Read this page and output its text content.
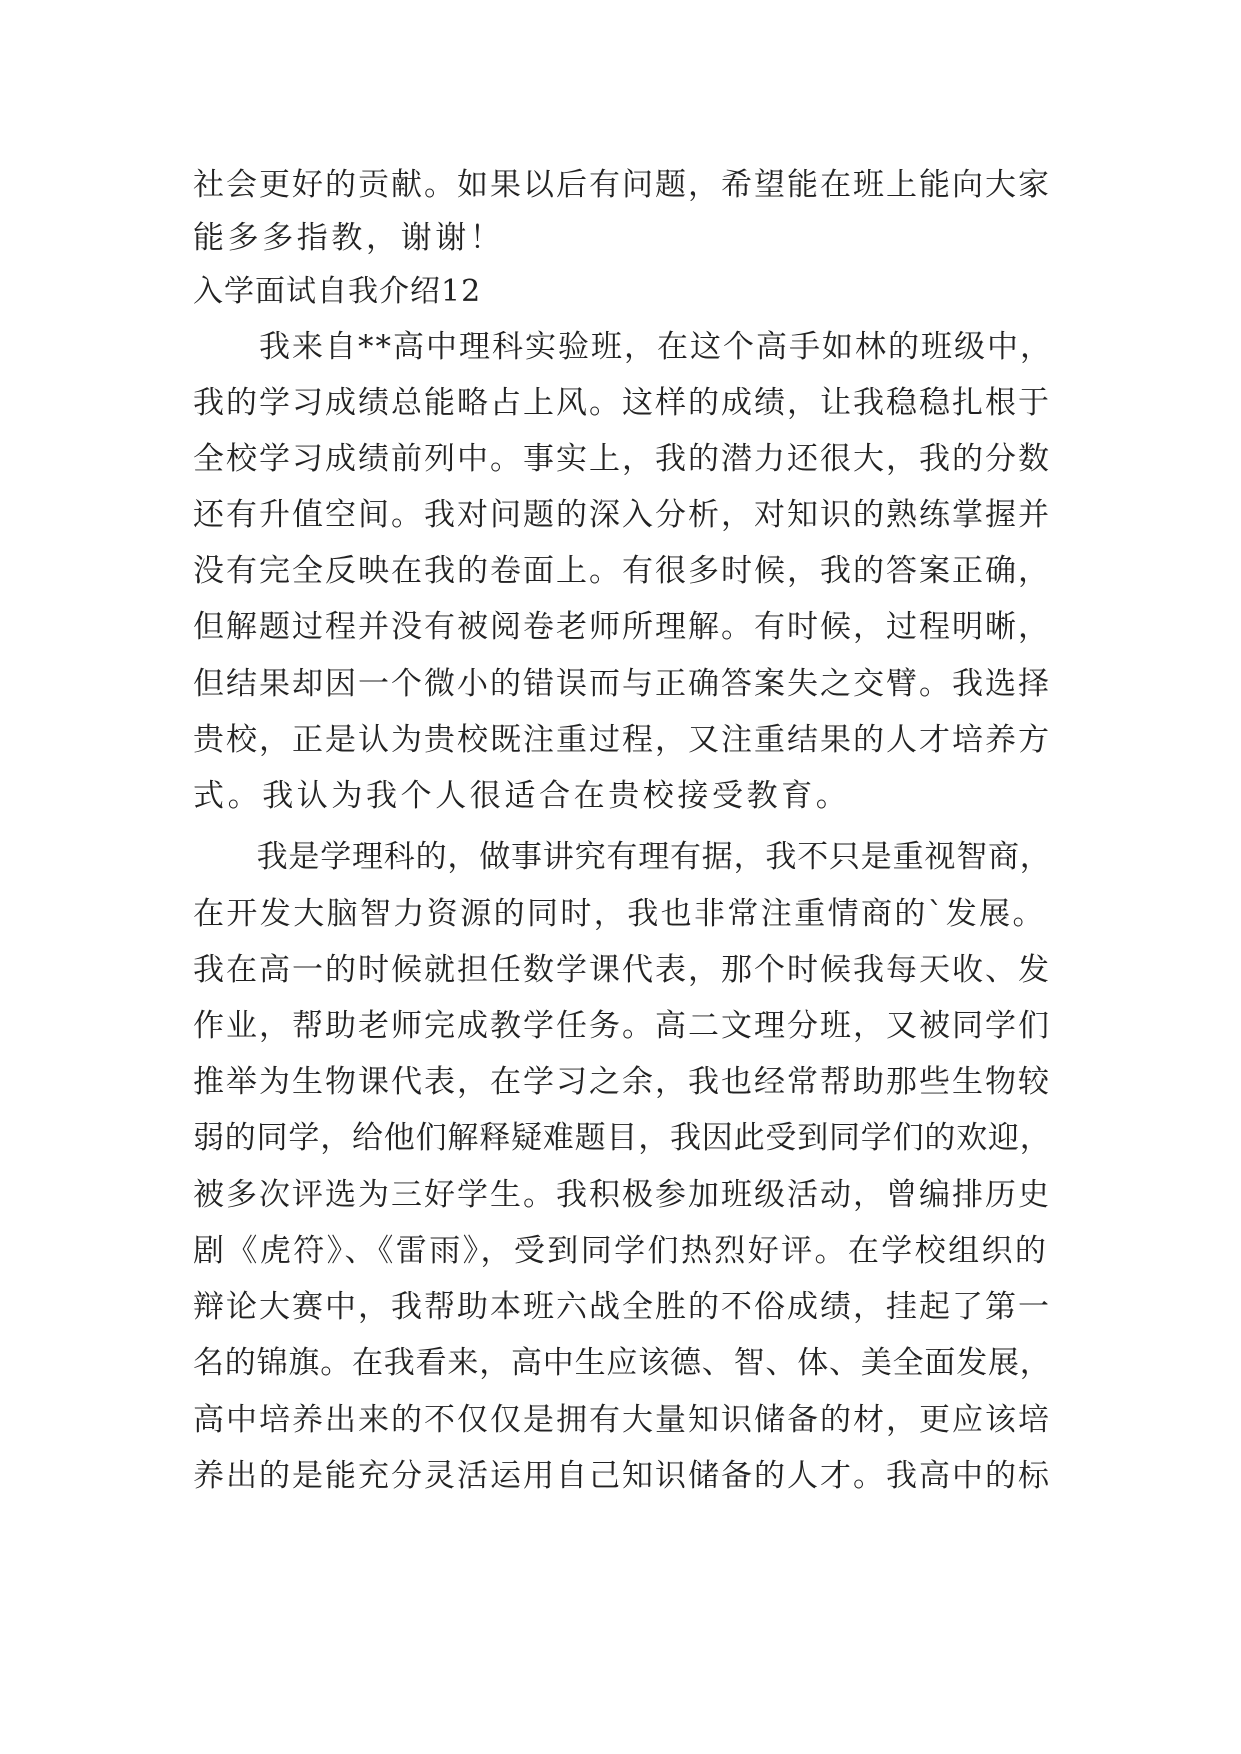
社会更好的贡献。如果以后有问题，希望能在班上能向大家
能多多指教，谢谢！
入学面试自我介绍12
　　我来自**高中理科实验班，在这个高手如林的班级中，
我的学习成绩总能略占上风。这样的成绩，让我稳稳扎根于
全校学习成绩前列中。事实上，我的潜力还很大，我的分数
还有升值空间。我对问题的深入分析，对知识的熟练掌握并
没有完全反映在我的卷面上。有很多时候，我的答案正确，
但解题过程并没有被阅卷老师所理解。有时候，过程明晰，
但结果却因一个微小的错误而与正确答案失之交臂。我选择
贵校，正是认为贵校既注重过程，又注重结果的人才培养方
式。我认为我个人很适合在贵校接受教育。
　　我是学理科的，做事讲究有理有据，我不只是重视智商，
在开发大脑智力资源的同时，我也非常注重情商的`发展。
我在高一的时候就担任数学课代表，那个时候我每天收、发
作业，帮助老师完成教学任务。高二文理分班，又被同学们
推举为生物课代表，在学习之余，我也经常帮助那些生物较
弱的同学，给他们解释疑难题目，我因此受到同学们的欢迎，
被多次评选为三好学生。我积极参加班级活动，曾编排历史
剧《虎符》、《雷雨》，受到同学们热烈好评。在学校组织的
辩论大赛中，我帮助本班六战全胜的不俗成绩，挂起了第一
名的锦旗。在我看来，高中生应该德、智、体、美全面发展，
高中培养出来的不仅仅是拥有大量知识储备的材，更应该培
养出的是能充分灵活运用自己知识储备的人才。我高中的标
